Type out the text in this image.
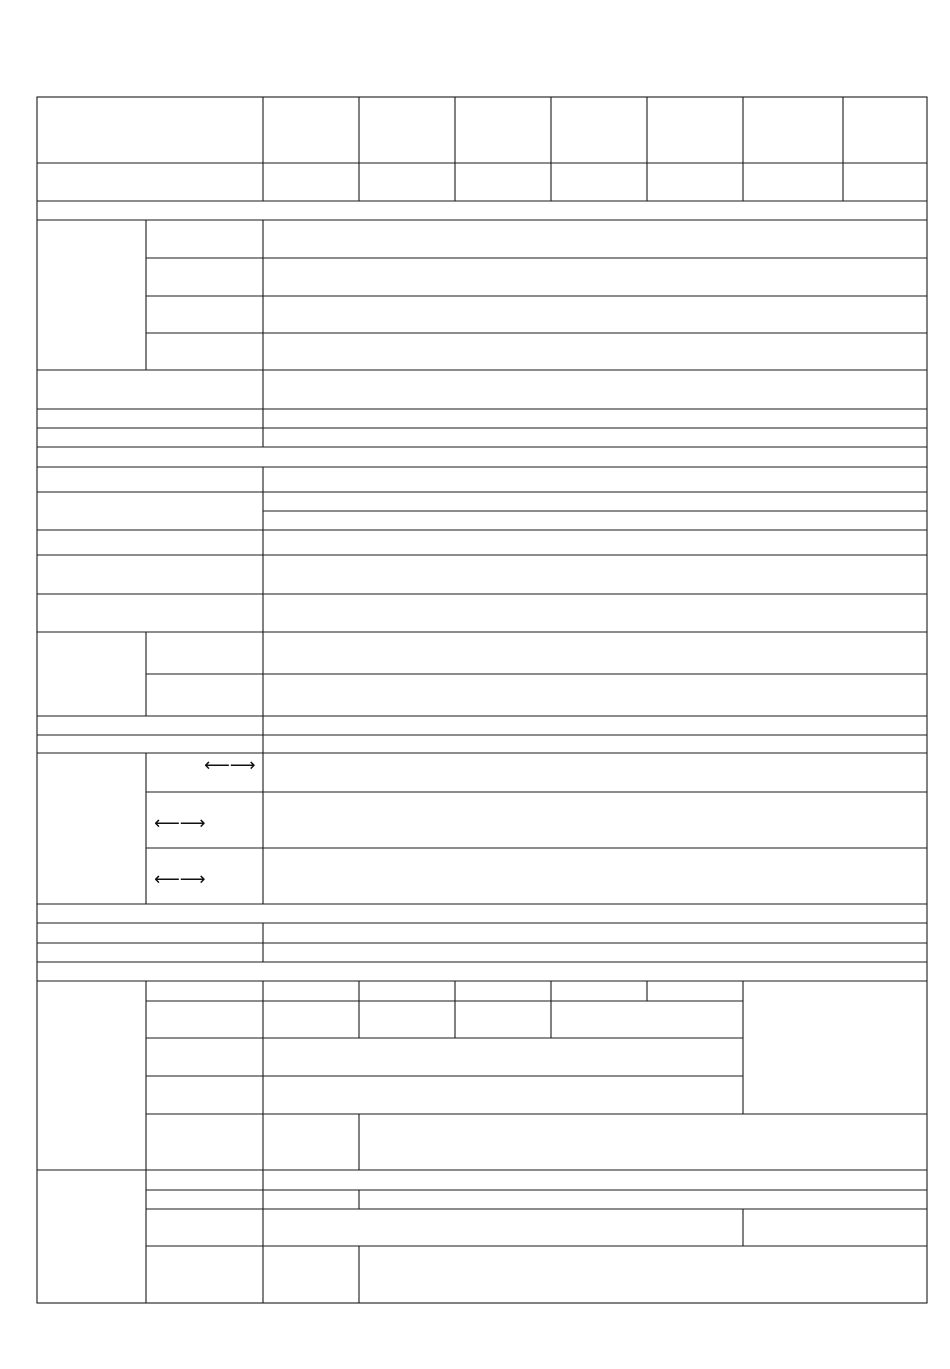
⟵⟶
⟵⟶
⟵⟶
